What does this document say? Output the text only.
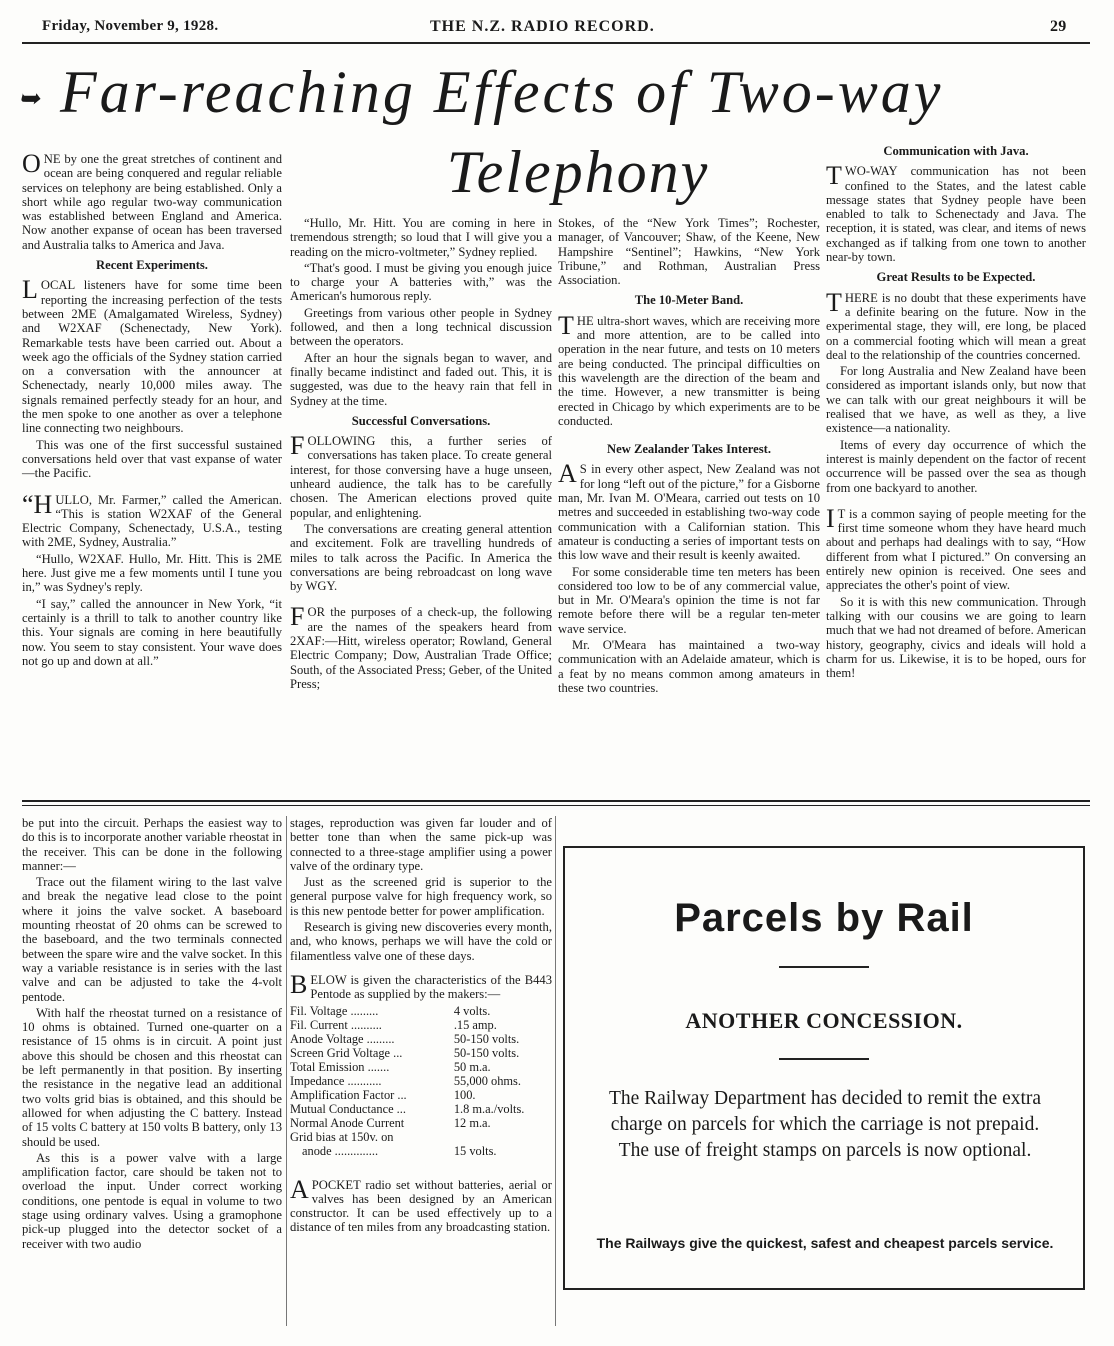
Friday, November 9, 1928.	THE N.Z. RADIO RECORD.	29
➥ Far-reaching Effects of Two-way
Telephony

ONE by one the great stretches of continent and ocean are being conquered and regular reliable services on telephony are being established. Only a short while ago regular two-way communication was established between England and America. Now another expanse of ocean has been traversed and Australia talks to America and Java.

Recent Experiments.

LOCAL listeners have for some time been reporting the increasing perfection of the tests between 2ME (Amalgamated Wireless, Sydney) and W2XAF (Schenectady, New York). Remarkable tests have been carried out. About a week ago the officials of the Sydney station carried on a conversation with the announcer at Schenectady, nearly 10,000 miles away. The signals remained perfectly steady for an hour, and the men spoke to one another as over a telephone line connecting two neighbours.

This was one of the first successful sustained conversations held over that vast expanse of water—the Pacific.

“HULLO, Mr. Farmer,” called the American. “This is station W2XAF of the General Electric Company, Schenectady, U.S.A., testing with 2ME, Sydney, Australia.”

“Hullo, W2XAF. Hullo, Mr. Hitt. This is 2ME here. Just give me a few moments until I tune you in,” was Sydney's reply.

“I say,” called the announcer in New York, “it certainly is a thrill to talk to another country like this. Your signals are coming in here beautifully now. You seem to stay consistent. Your wave does not go up and down at all.”

“Hullo, Mr. Hitt. You are coming in here in tremendous strength; so loud that I will give you a reading on the micro-voltmeter,” Sydney replied.

“That's good. I must be giving you enough juice to charge your A batteries with,” was the American's humorous reply.

Greetings from various other people in Sydney followed, and then a long technical discussion between the operators.

After an hour the signals began to waver, and finally became indistinct and faded out. This, it is suggested, was due to the heavy rain that fell in Sydney at the time.

Successful Conversations.

FOLLOWING this, a further series of conversations has taken place. To create general interest, for those conversing have a huge unseen, unheard audience, the talk has to be carefully chosen. The American elections proved quite popular, and enlightening.

The conversations are creating general attention and excitement. Folk are travelling hundreds of miles to talk across the Pacific. In America the conversations are being rebroadcast on long wave by WGY.

FOR the purposes of a check-up, the following are the names of the speakers heard from 2XAF:—Hitt, wireless operator; Rowland, General Electric Company; Dow, Australian Trade Office; South, of the Associated Press; Geber, of the United Press;

Stokes, of the “New York Times”; Rochester, manager, of Vancouver; Shaw, of the Keene, New Hampshire “Sentinel”; Hawkins, “New York Tribune,” and Rothman, Australian Press Association.

The 10-Meter Band.

THE ultra-short waves, which are receiving more and more attention, are to be called into operation in the near future, and tests on 10 meters are being conducted. The principal difficulties on this wavelength are the direction of the beam and the time. However, a new transmitter is being erected in Chicago by which experiments are to be conducted.

New Zealander Takes Interest.

A S in every other aspect, New Zealand was not for long “left out of the picture,” for a Gisborne man, Mr. Ivan M. O'Meara, carried out tests on 10 metres and succeeded in establishing two-way code communication with a Californian station. This amateur is conducting a series of important tests on this low wave and their result is keenly awaited.

For some considerable time ten meters has been considered too low to be of any commercial value, but in Mr. O'Meara's opinion the time is not far remote before there will be a regular ten-meter wave service.

Mr. O'Meara has maintained a two-way communication with an Adelaide amateur, which is a feat by no means common among amateurs in these two countries.

Communication with Java.

TWO-WAY communication has not been confined to the States, and the latest cable message states that Sydney people have been enabled to talk to Schenectady and Java. The reception, it is stated, was clear, and items of news exchanged as if talking from one town to another near-by town.

Great Results to be Expected.

THERE is no doubt that these experiments have a definite bearing on the future. Now in the experimental stage, they will, ere long, be placed on a commercial footing which will mean a great deal to the relationship of the countries concerned.

For long Australia and New Zealand have been considered as important islands only, but now that we can talk with our great neighbours it will be realised that we have, as well as they, a live existence—a nationality.

Items of every day occurrence of which the interest is mainly dependent on the factor of recent occurrence will be passed over the sea as though from one backyard to another.

I T is a common saying of people meeting for the first time someone whom they have heard much about and perhaps had dealings with to say, “How different from what I pictured.” On conversing an entirely new opinion is received. One sees and appreciates the other's point of view.

So it is with this new communication. Through talking with our cousins we are going to learn much that we had not dreamed of before. American history, geography, civics and ideals will hold a charm for us. Likewise, it is to be hoped, ours for them!

be put into the circuit. Perhaps the easiest way to do this is to incorporate another variable rheostat in the receiver. This can be done in the following manner:—

Trace out the filament wiring to the last valve and break the negative lead close to the point where it joins the valve socket. A baseboard mounting rheostat of 20 ohms can be screwed to the baseboard, and the two terminals connected between the spare wire and the valve socket. In this way a variable resistance is in series with the last valve and can be adjusted to take the 4-volt pentode.

With half the rheostat turned on a resistance of 10 ohms is obtained. Turned one-quarter on a resistance of 15 ohms is in circuit. A point just above this should be chosen and this rheostat can be left permanently in that position. By inserting the resistance in the negative lead an additional two volts grid bias is obtained, and this should be allowed for when adjusting the C battery. Instead of 15 volts C battery at 150 volts B battery, only 13 should be used.

As this is a power valve with a large amplification factor, care should be taken not to overload the input. Under correct working conditions, one pentode is equal in volume to two stage using ordinary valves. Using a gramophone pick-up plugged into the detector socket of a receiver with two audio

stages, reproduction was given far louder and of better tone than when the same pick-up was connected to a three-stage amplifier using a power valve of the ordinary type.

Just as the screened grid is superior to the general purpose valve for high frequency work, so is this new pentode better for power amplification.

Research is giving new discoveries every month, and, who knows, perhaps we will have the cold or filamentless valve one of these days.

BELOW is given the characteristics of the B443 Pentode as supplied by the makers:—

Fil. Voltage .........	4 volts.
Fil. Current ..........	.15 amp.
Anode Voltage .........	50-150 volts.
Screen Grid Voltage ...	50-150 volts.
Total Emission .......	50 m.a.
Impedance ...........	55,000 ohms.
Amplification Factor ...	100.
Mutual Conductance ...	1.8 m.a./volts.
Normal Anode Current	12 m.a.
Grid bias at 150v. on	
anode ..............	15 volts.

APOCKET radio set without batteries, aerial or valves has been designed by an American constructor. It can be used effectively up to a distance of ten miles from any broadcasting station.

Parcels by Rail
ANOTHER CONCESSION.
The Railway Department has decided to remit the extra charge on parcels for which the carriage is not prepaid. The use of freight stamps on parcels is now optional.
The Railways give the quickest, safest and cheapest parcels service.
